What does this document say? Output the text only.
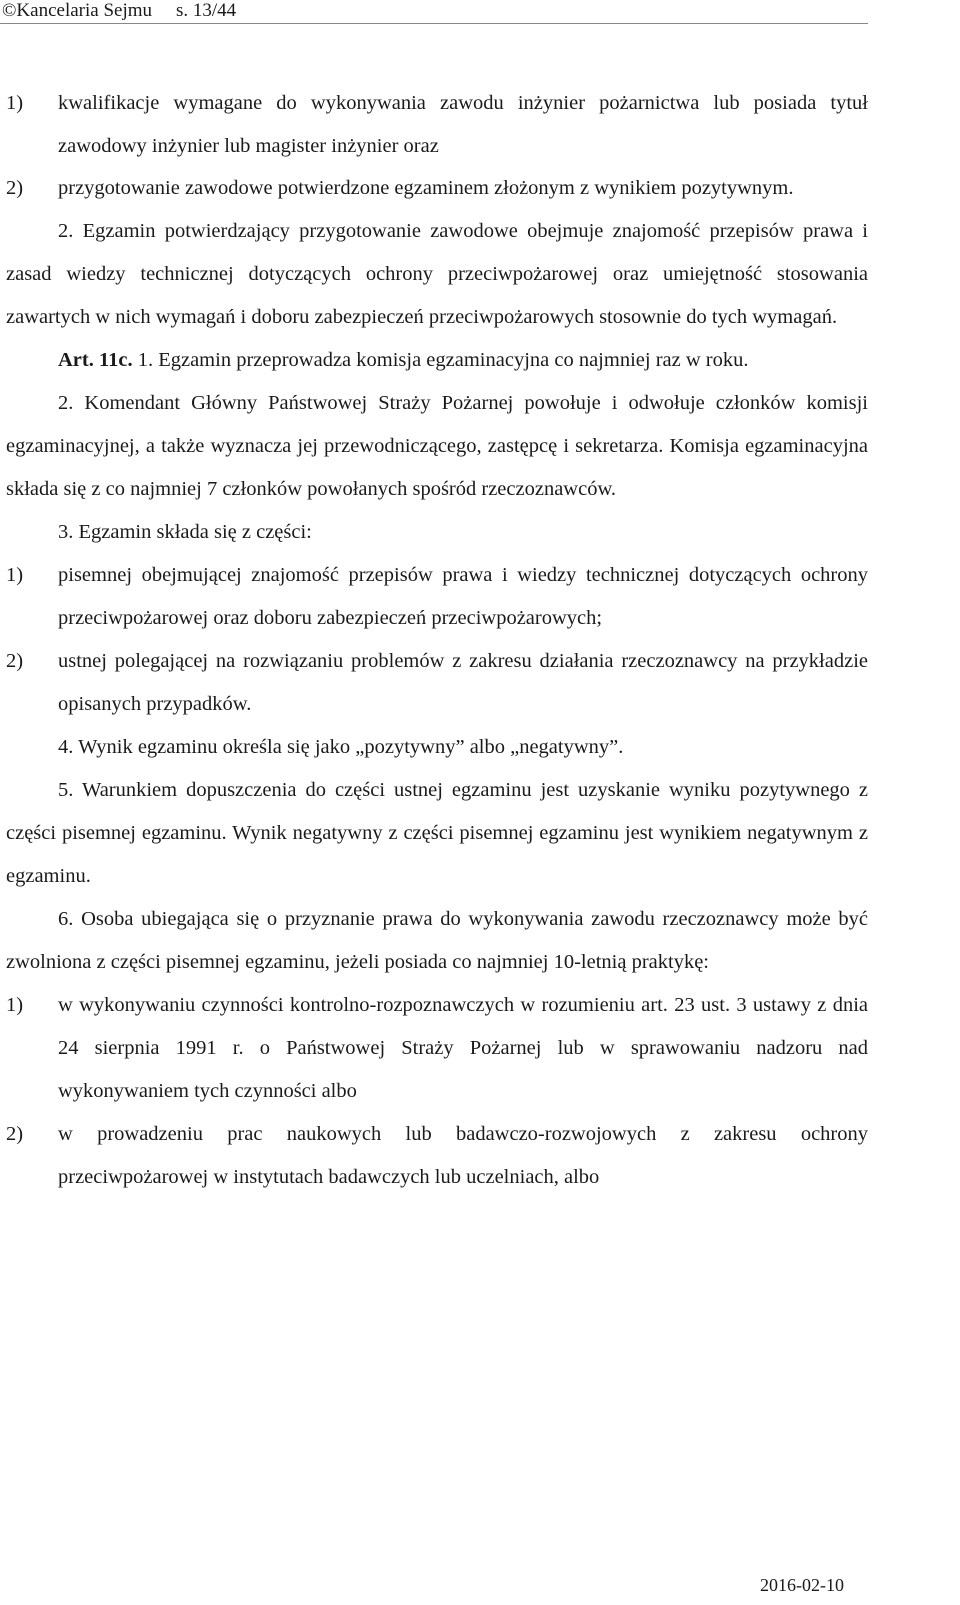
©Kancelaria Sejmu s. 13/44
1)	kwalifikacje wymagane do wykonywania zawodu inżynier pożarnictwa lub posiada tytuł zawodowy inżynier lub magister inżynier oraz
2)	przygotowanie zawodowe potwierdzone egzaminem złożonym z wynikiem pozytywnym.

2. Egzamin potwierdzający przygotowanie zawodowe obejmuje znajomość przepisów prawa i zasad wiedzy technicznej dotyczących ochrony przeciwpożarowej oraz umiejętność stosowania zawartych w nich wymagań i doboru zabezpieczeń przeciwpożarowych stosownie do tych wymagań.

Art. 11c. 1. Egzamin przeprowadza komisja egzaminacyjna co najmniej raz w roku.

2. Komendant Główny Państwowej Straży Pożarnej powołuje i odwołuje członków komisji egzaminacyjnej, a także wyznacza jej przewodniczącego, zastępcę i sekretarza. Komisja egzaminacyjna składa się z co najmniej 7 członków powołanych spośród rzeczoznawców.

3. Egzamin składa się z części:

1)	pisemnej obejmującej znajomość przepisów prawa i wiedzy technicznej dotyczących ochrony przeciwpożarowej oraz doboru zabezpieczeń przeciwpożarowych;
2)	ustnej polegającej na rozwiązaniu problemów z zakresu działania rzeczoznawcy na przykładzie opisanych przypadków.

4. Wynik egzaminu określa się jako „pozytywny” albo „negatywny”.

5. Warunkiem dopuszczenia do części ustnej egzaminu jest uzyskanie wyniku pozytywnego z części pisemnej egzaminu. Wynik negatywny z części pisemnej egzaminu jest wynikiem negatywnym z egzaminu.

6. Osoba ubiegająca się o przyznanie prawa do wykonywania zawodu rzeczoznawcy może być zwolniona z części pisemnej egzaminu, jeżeli posiada co najmniej 10-letnią praktykę:

1)	w wykonywaniu czynności kontrolno-rozpoznawczych w rozumieniu art. 23 ust. 3 ustawy z dnia 24 sierpnia 1991 r. o Państwowej Straży Pożarnej lub w sprawowaniu nadzoru nad wykonywaniem tych czynności albo
2)	w prowadzeniu prac naukowych lub badawczo-rozwojowych z zakresu ochrony przeciwpożarowej w instytutach badawczych lub uczelniach, albo
2016-02-10
